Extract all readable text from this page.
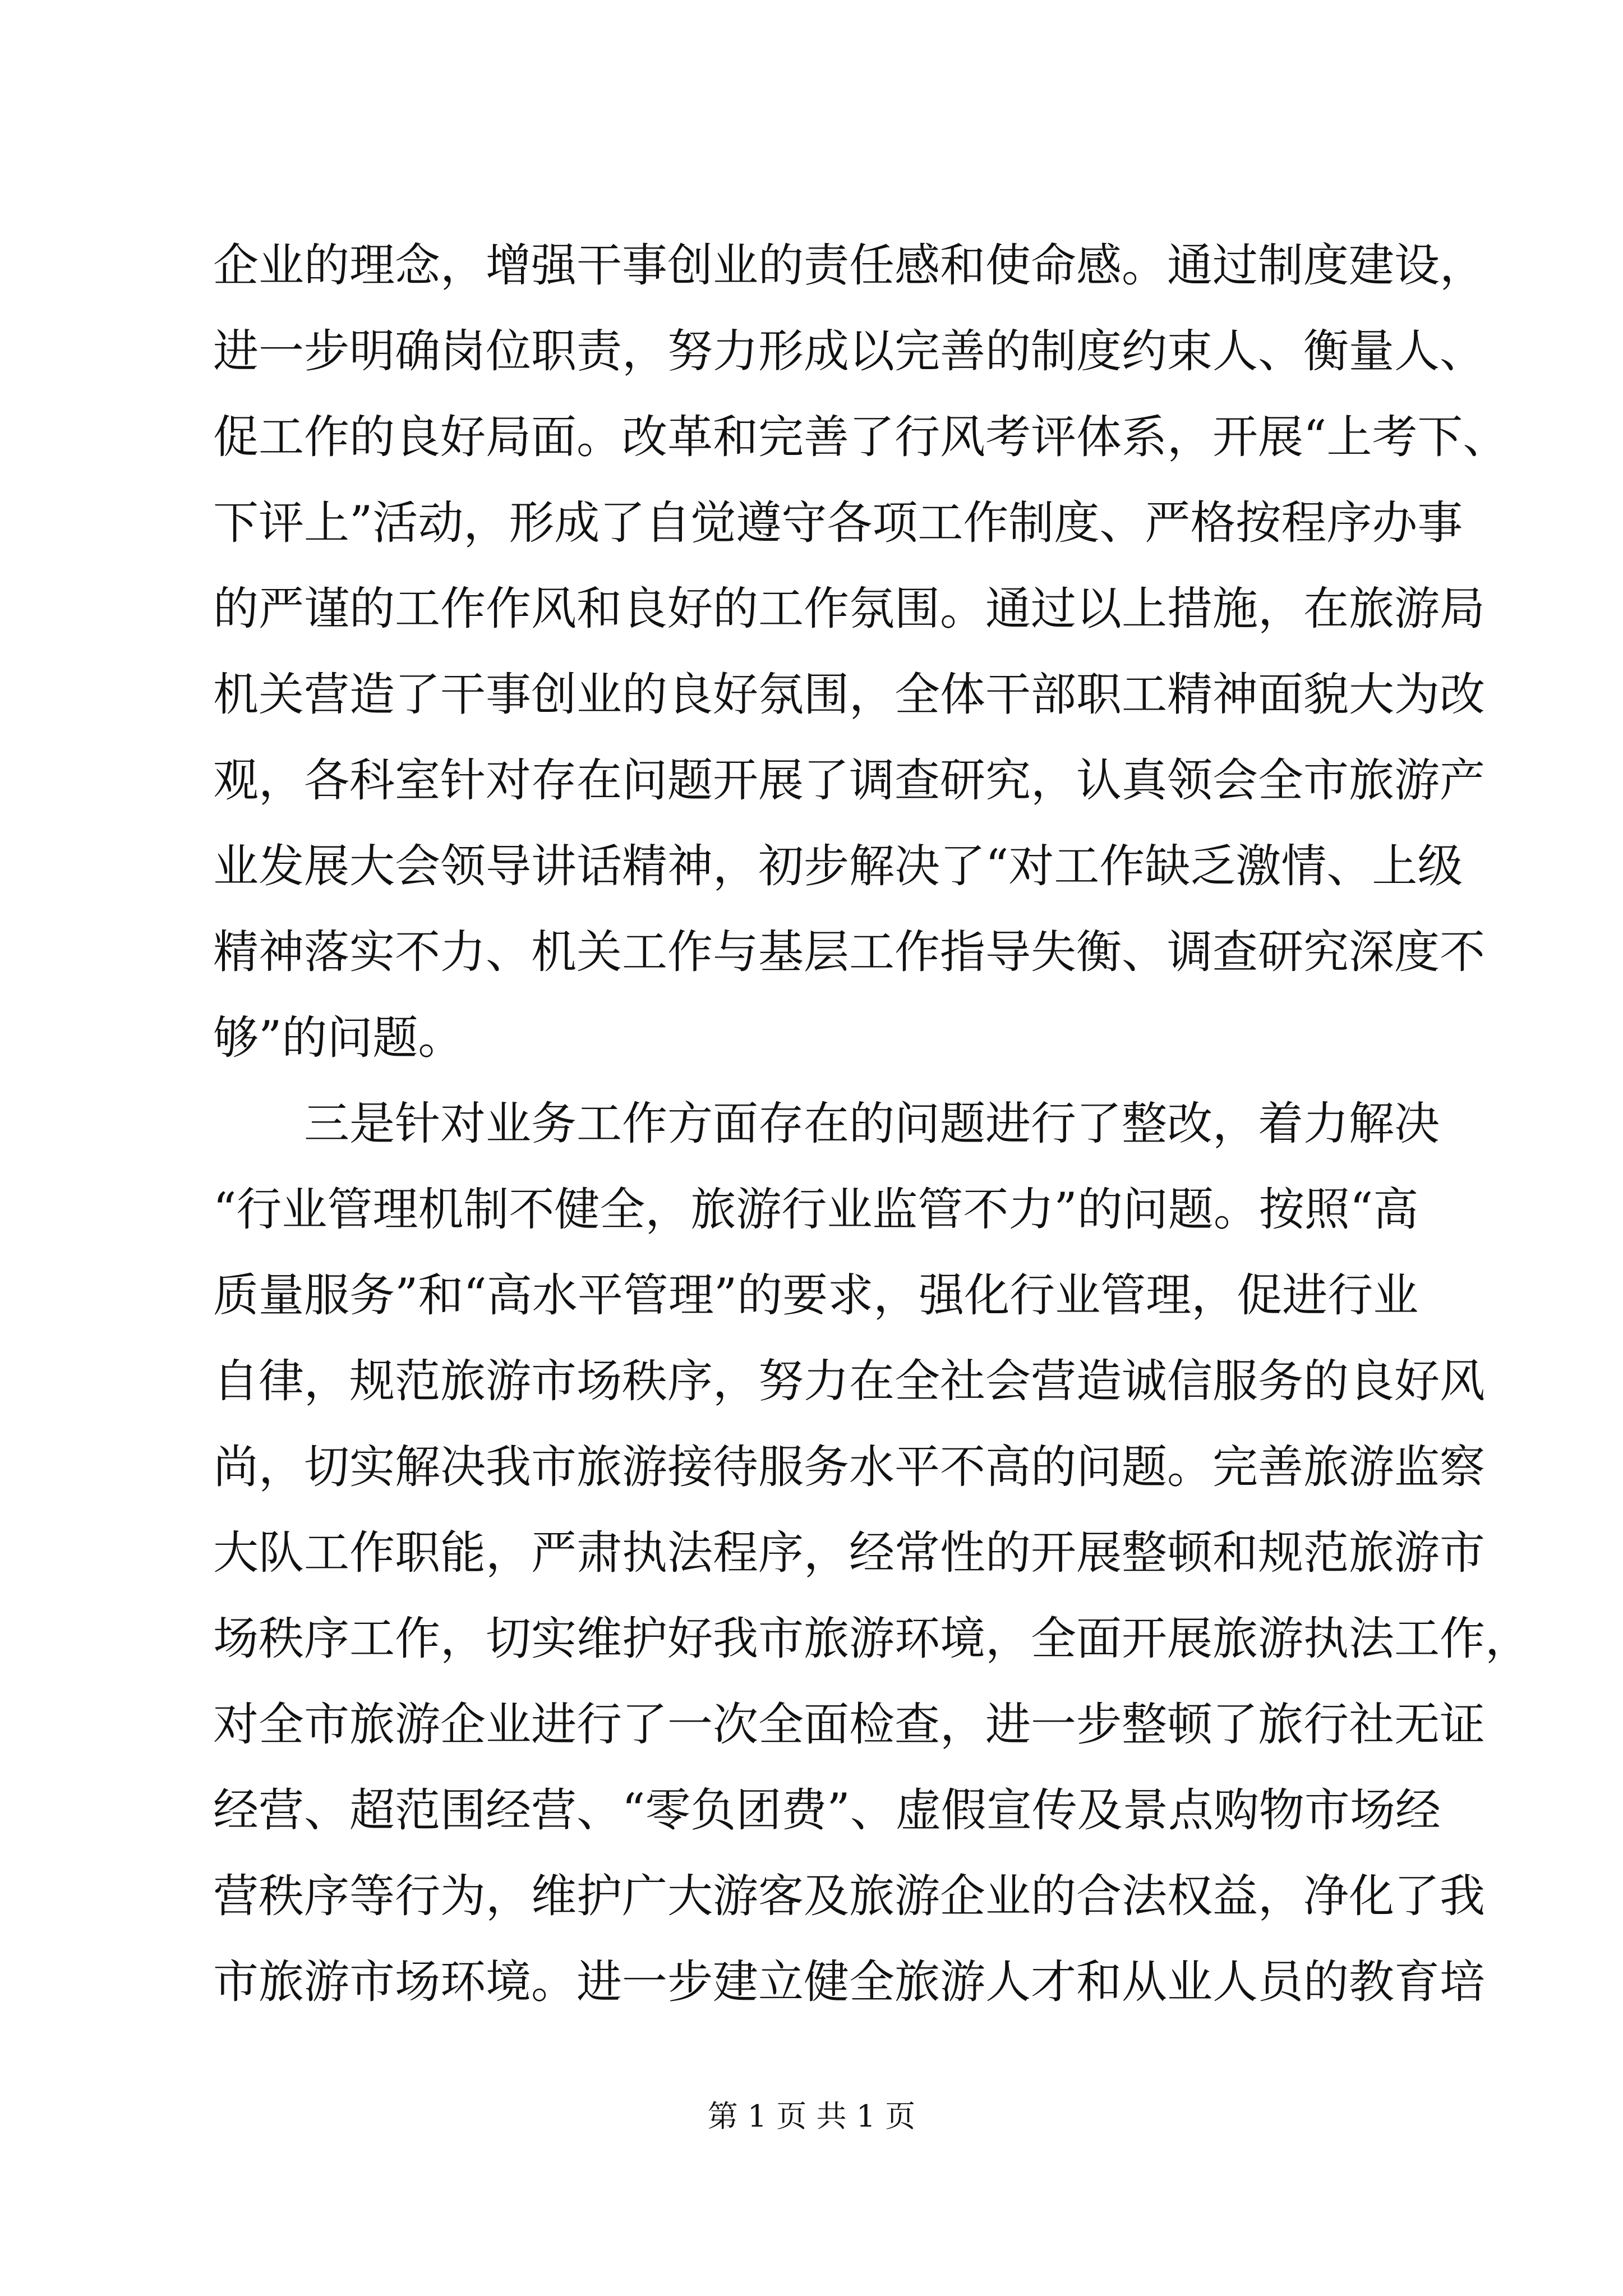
企业的理念，增强干事创业的责任感和使命感。通过制度建设，
进一步明确岗位职责，努力形成以完善的制度约束人、衡量人、
促工作的良好局面。改革和完善了行风考评体系，开展“上考下、
下评上”活动，形成了自觉遵守各项工作制度、严格按程序办事
的严谨的工作作风和良好的工作氛围。通过以上措施，在旅游局
机关营造了干事创业的良好氛围，全体干部职工精神面貌大为改
观，各科室针对存在问题开展了调查研究，认真领会全市旅游产
业发展大会领导讲话精神，初步解决了“对工作缺乏激情、上级
精神落实不力、机关工作与基层工作指导失衡、调查研究深度不
够”的问题。
三是针对业务工作方面存在的问题进行了整改，着力解决
“行业管理机制不健全，旅游行业监管不力”的问题。按照“高
质量服务”和“高水平管理”的要求，强化行业管理，促进行业
自律，规范旅游市场秩序，努力在全社会营造诚信服务的良好风
尚，切实解决我市旅游接待服务水平不高的问题。完善旅游监察
大队工作职能，严肃执法程序，经常性的开展整顿和规范旅游市
场秩序工作，切实维护好我市旅游环境，全面开展旅游执法工作，
对全市旅游企业进行了一次全面检查，进一步整顿了旅行社无证
经营、超范围经营、“零负团费”、虚假宣传及景点购物市场经
营秩序等行为，维护广大游客及旅游企业的合法权益，净化了我
市旅游市场环境。进一步建立健全旅游人才和从业人员的教育培
第 1 页 共 1 页
